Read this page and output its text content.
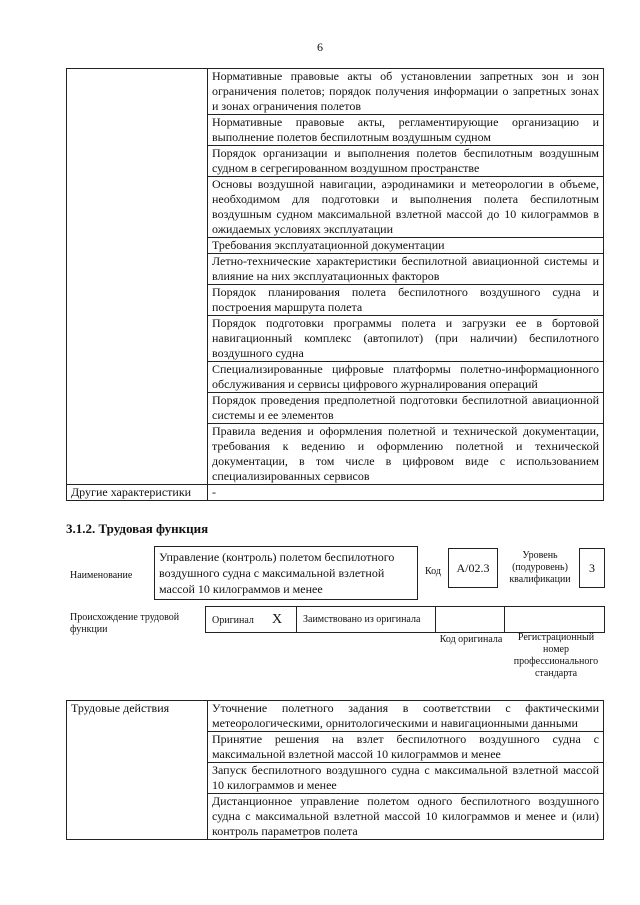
6
	Нормативные правовые акты об установлении запретных зон и зон ограничения полетов; порядок получения информации о запретных зонах и зонах ограничения полетов
	Нормативные правовые акты, регламентирующие организацию и выполнение полетов беспилотным воздушным судном
	Порядок организации и выполнения полетов беспилотным воздушным судном в сегрегированном воздушном пространстве
	Основы воздушной навигации, аэродинамики и метеорологии в объеме, необходимом для подготовки и выполнения полета беспилотным воздушным судном максимальной взлетной массой до 10 килограммов в ожидаемых условиях эксплуатации
	Требования эксплуатационной документации
	Летно-технические характеристики беспилотной авиационной системы и влияние на них эксплуатационных факторов
	Порядок планирования полета беспилотного воздушного судна и построения маршрута полета
	Порядок подготовки программы полета и загрузки ее в бортовой навигационный комплекс (автопилот) (при наличии) беспилотного воздушного судна
	Специализированные цифровые платформы полетно-информационного обслуживания и сервисы цифрового журналирования операций
	Порядок проведения предполетной подготовки беспилотной авиационной системы и ее элементов
	Правила ведения и оформления полетной и технической документации, требования к ведению и оформлению полетной и технической документации, в том числе в цифровом виде с использованием специализированных сервисов
Другие характеристики	-
3.1.2. Трудовая функция
Наименование
Управление (контроль) полетом беспилотного воздушного судна с максимальной взлетной массой 10 килограммов и менее
Код A/02.3
Уровень (подуровень) квалификации
3
Происхождение трудовой функции
Оригинал X Заимствовано из оригинала
Код оригинала	Регистрационный номер профессионального стандарта
Трудовые действия	Уточнение полетного задания в соответствии с фактическими метеорологическими, орнитологическими и навигационными данными
Принятие решения на взлет беспилотного воздушного судна с максимальной взлетной массой 10 килограммов и менее
Запуск беспилотного воздушного судна с максимальной взлетной массой 10 килограммов и менее
Дистанционное управление полетом одного беспилотного воздушного судна с максимальной взлетной массой 10 килограммов и менее и (или) контроль параметров полета
